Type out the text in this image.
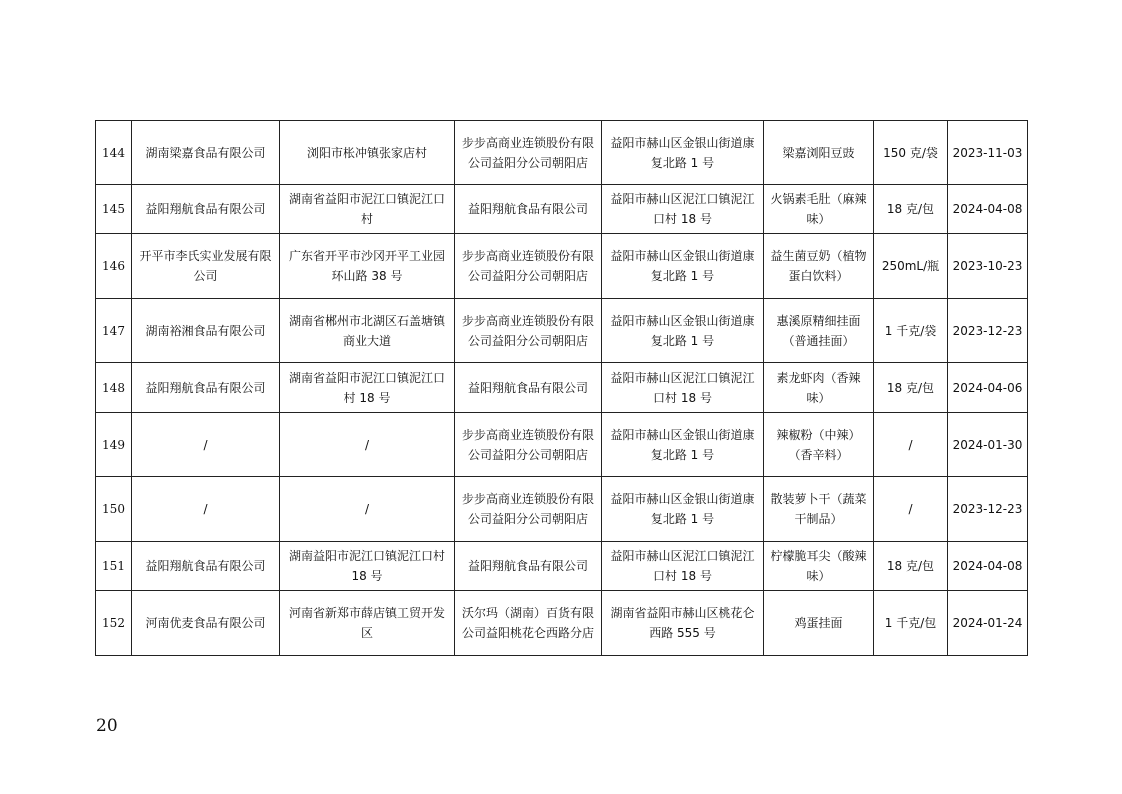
144	湖南梁嘉食品有限公司	浏阳市枨冲镇张家店村	步步高商业连锁股份有限公司益阳分公司朝阳店	益阳市赫山区金银山街道康复北路 1 号	梁嘉浏阳豆豉	150 克/袋	2023-11-03
145	益阳翔航食品有限公司	湖南省益阳市泥江口镇泥江口村	益阳翔航食品有限公司	益阳市赫山区泥江口镇泥江口村 18 号	火锅素毛肚（麻辣味）	18 克/包	2024-04-08
146	开平市李氏实业发展有限公司	广东省开平市沙冈开平工业园环山路 38 号	步步高商业连锁股份有限公司益阳分公司朝阳店	益阳市赫山区金银山街道康复北路 1 号	益生菌豆奶（植物蛋白饮料）	250mL/瓶	2023-10-23
147	湖南裕湘食品有限公司	湖南省郴州市北湖区石盖塘镇商业大道	步步高商业连锁股份有限公司益阳分公司朝阳店	益阳市赫山区金银山街道康复北路 1 号	惠溪原精细挂面（普通挂面）	1 千克/袋	2023-12-23
148	益阳翔航食品有限公司	湖南省益阳市泥江口镇泥江口村 18 号	益阳翔航食品有限公司	益阳市赫山区泥江口镇泥江口村 18 号	素龙虾肉（香辣味）	18 克/包	2024-04-06
149	/	/	步步高商业连锁股份有限公司益阳分公司朝阳店	益阳市赫山区金银山街道康复北路 1 号	辣椒粉（中辣）（香辛料）	/	2024-01-30
150	/	/	步步高商业连锁股份有限公司益阳分公司朝阳店	益阳市赫山区金银山街道康复北路 1 号	散装萝卜干（蔬菜干制品）	/	2023-12-23
151	益阳翔航食品有限公司	湖南益阳市泥江口镇泥江口村 18 号	益阳翔航食品有限公司	益阳市赫山区泥江口镇泥江口村 18 号	柠檬脆耳尖（酸辣味）	18 克/包	2024-04-08
152	河南优麦食品有限公司	河南省新郑市薛店镇工贸开发区	沃尔玛（湖南）百货有限公司益阳桃花仑西路分店	湖南省益阳市赫山区桃花仑西路 555 号	鸡蛋挂面	1 千克/包	2024-01-24
20
